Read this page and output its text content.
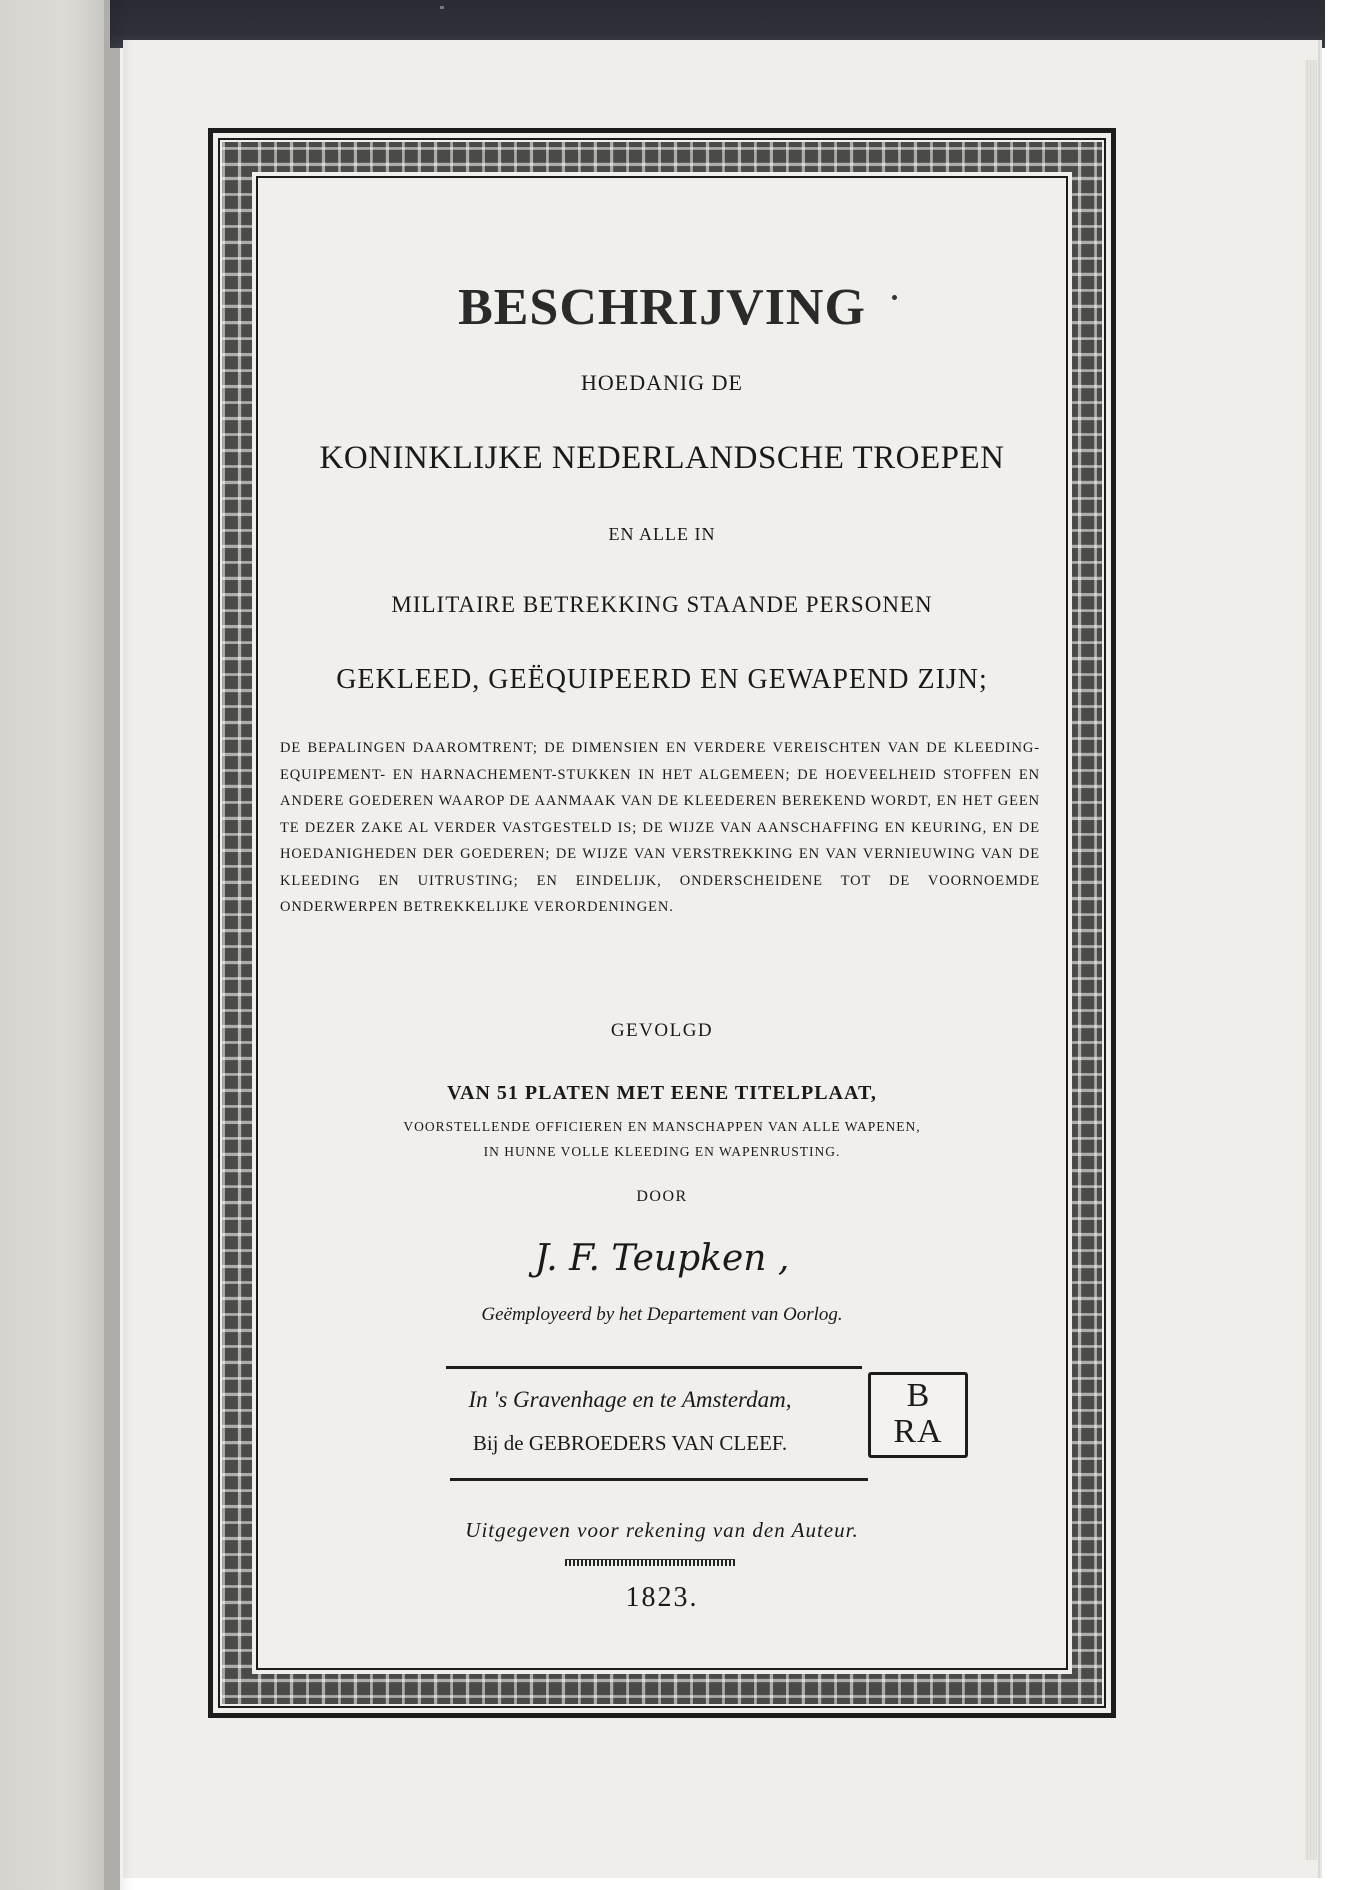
BESCHRIJVING
HOEDANIG DE
KONINKLIJKE NEDERLANDSCHE TROEPEN
EN ALLE IN
MILITAIRE BETREKKING STAANDE PERSONEN
GEKLEED, GEËQUIPEERD EN GEWAPEND ZIJN;
DE BEPALINGEN DAAROMTRENT; DE DIMENSIEN EN VERDERE VEREISCHTEN VAN DE KLEEDING- EQUIPEMENT- EN HARNACHEMENT-STUKKEN IN HET ALGEMEEN; DE HOEVEELHEID STOFFEN EN ANDERE GOEDEREN WAAROP DE AANMAAK VAN DE KLEEDEREN BEREKEND WORDT, EN HET GEEN TE DEZER ZAKE AL VERDER VASTGESTELD IS; DE WIJZE VAN AANSCHAFFING EN KEURING, EN DE HOEDANIGHEDEN DER GOEDEREN; DE WIJZE VAN VERSTREKKING EN VAN VERNIEUWING VAN DE KLEEDING EN UITRUSTING; EN EINDELIJK, ONDERSCHEIDENE TOT DE VOORNOEMDE ONDERWERPEN BETREKKELIJKE VERORDENINGEN.
GEVOLGD
VAN 51 PLATEN MET EENE TITELPLAAT,
VOORSTELLENDE OFFICIEREN EN MANSCHAPPEN VAN ALLE WAPENEN,
IN HUNNE VOLLE KLEEDING EN WAPENRUSTING.
DOOR
J. F. Teupken ,
Geëmployeerd by het Departement van Oorlog.
In 's Gravenhage en te Amsterdam,
Bij de GEBROEDERS VAN CLEEF.
B
RA
Uitgegeven voor rekening van den Auteur.
1823.
